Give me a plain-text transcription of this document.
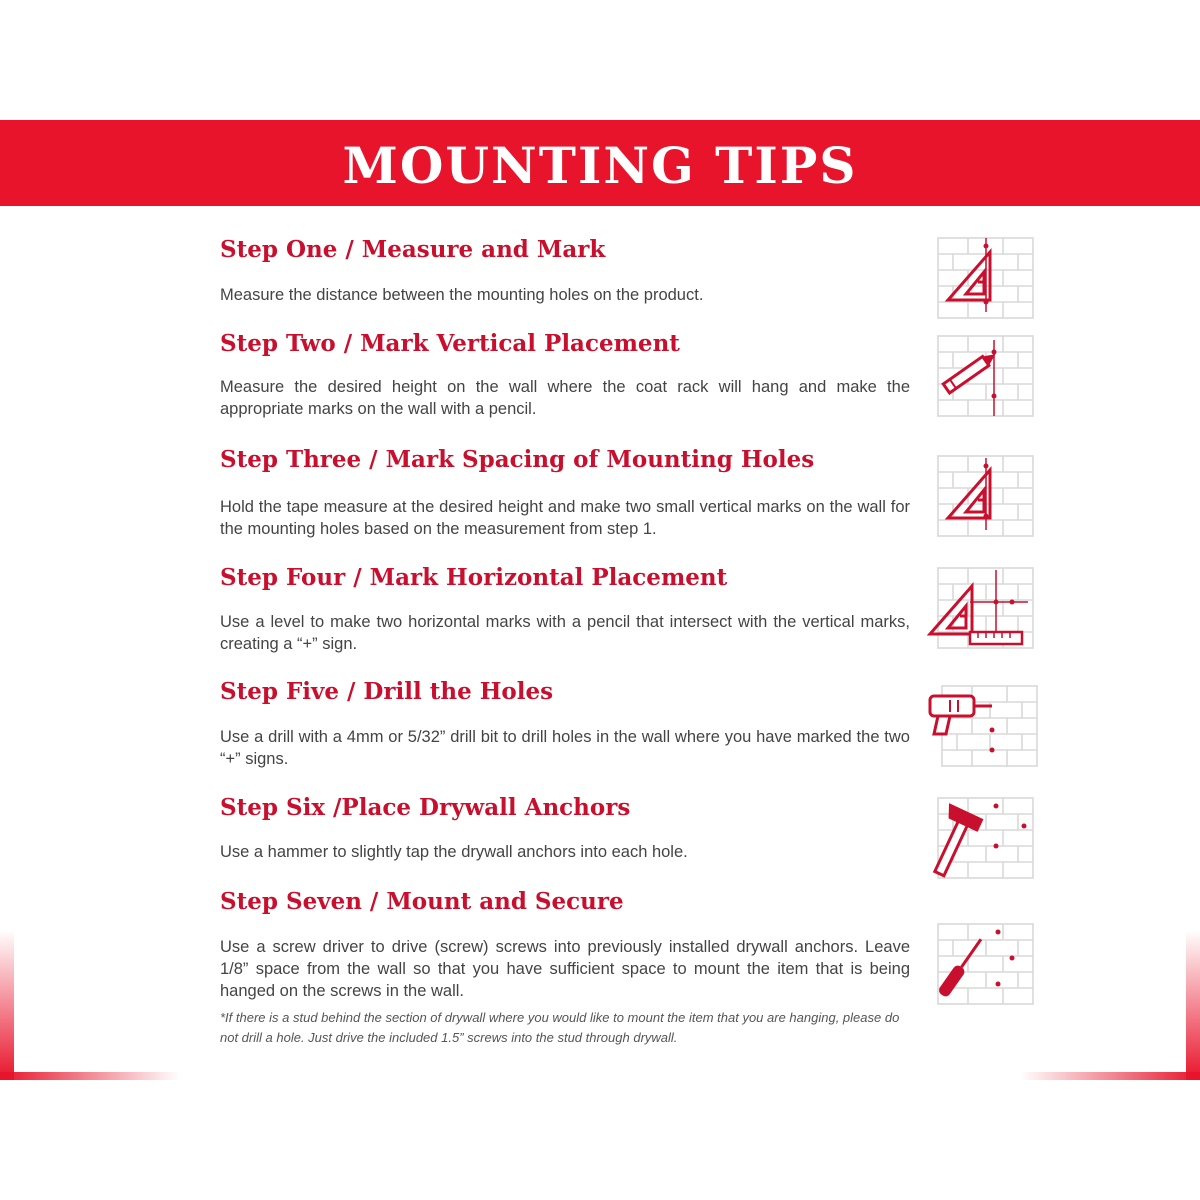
MOUNTING TIPS
Step One / Measure and Mark
Measure the distance between the mounting holes on the product.
Step Two / Mark Vertical Placement
Measure the desired height on the wall where the coat rack will hang and make the appropriate marks on the wall with a pencil.
Step Three / Mark Spacing of Mounting Holes
Hold the tape measure at the desired height and make two small vertical marks on the wall for the mounting holes based on the measurement from step 1.
Step Four / Mark Horizontal Placement
Use a level to make two horizontal marks with a pencil that intersect with the vertical marks, creating a “+” sign.
Step Five / Drill the Holes
Use a drill with a 4mm or 5/32” drill bit to drill holes in the wall where you have marked the two “+” signs.
Step Six /Place Drywall Anchors
Use a hammer to slightly tap the drywall anchors into each hole.
Step Seven / Mount and Secure
Use a screw driver to drive (screw) screws into previously installed drywall anchors. Leave 1/8” space from the wall so that you have sufficient space to mount the item that is being hanged on the screws in the wall.
*If there is a stud behind the section of drywall where you would like to mount the item that you are hanging, please do not drill a hole. Just drive the included 1.5” screws into the stud through drywall.
